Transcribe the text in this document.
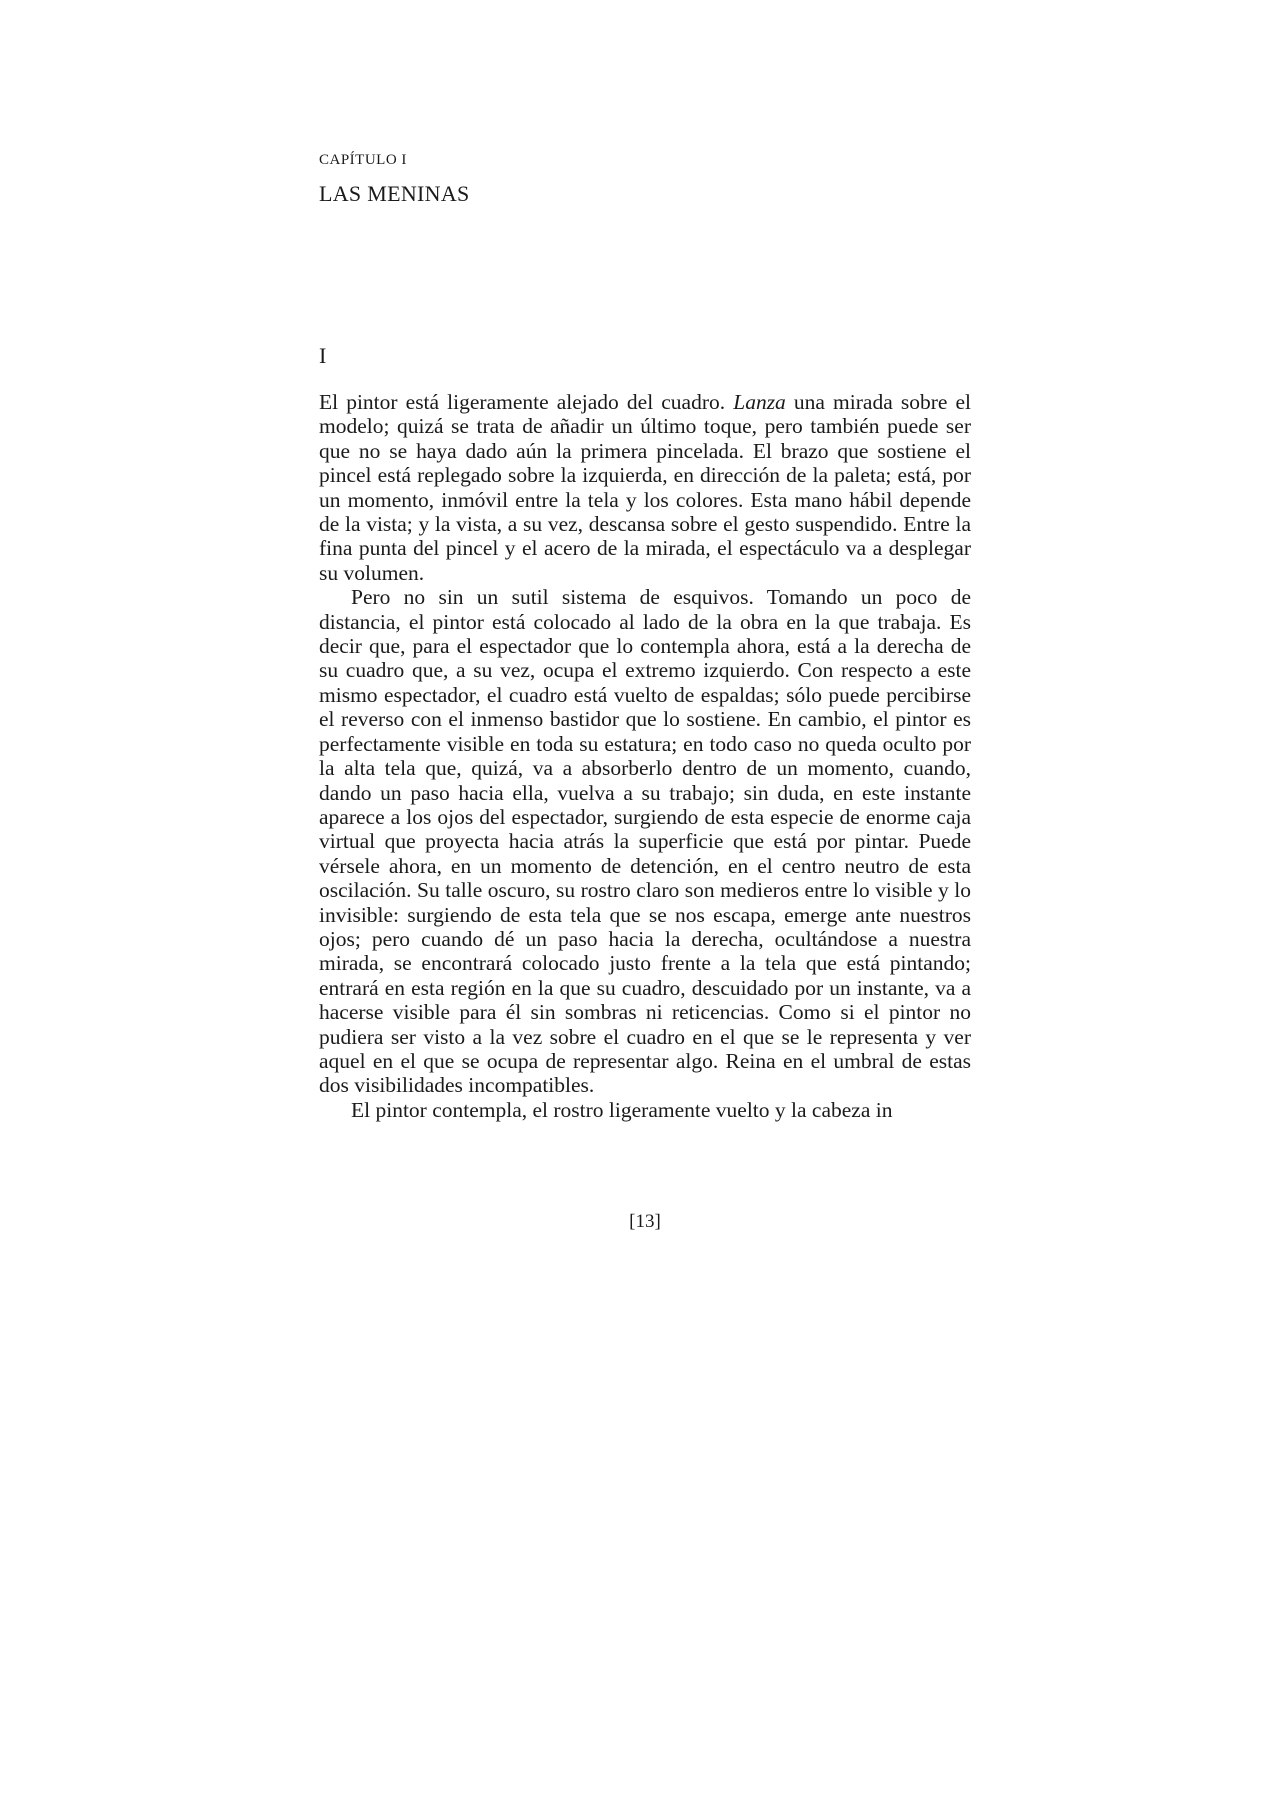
CAPÍTULO I

LAS MENINAS

I

El pintor está ligeramente alejado del cuadro. Lanza una mirada sobre el modelo; quizá se trata de añadir un último toque, pero también puede ser que no se haya dado aún la primera pincelada. El brazo que sostiene el pincel está replegado sobre la izquierda, en dirección de la paleta; está, por un momento, inmóvil entre la tela y los colores. Esta mano hábil depende de la vista; y la vista, a su vez, descansa sobre el gesto suspendido. Entre la fina punta del pincel y el acero de la mirada, el espectáculo va a desplegar su volumen.

Pero no sin un sutil sistema de esquivos. Tomando un poco de distancia, el pintor está colocado al lado de la obra en la que trabaja. Es decir que, para el espectador que lo contempla ahora, está a la derecha de su cuadro que, a su vez, ocupa el extremo izquierdo. Con respecto a este mismo espectador, el cuadro está vuelto de espaldas; sólo puede percibirse el reverso con el inmenso bastidor que lo sostiene. En cambio, el pintor es perfectamente visible en toda su estatura; en todo caso no queda oculto por la alta tela que, quizá, va a absorberlo dentro de un momento, cuando, dando un paso hacia ella, vuelva a su trabajo; sin duda, en este instante aparece a los ojos del espectador, surgiendo de esta especie de enorme caja virtual que proyecta hacia atrás la superficie que está por pintar. Puede vérsele ahora, en un momento de detención, en el centro neutro de esta oscilación. Su talle oscuro, su rostro claro son medieros entre lo visible y lo invisible: surgiendo de esta tela que se nos escapa, emerge ante nuestros ojos; pero cuando dé un paso hacia la derecha, ocultándose a nuestra mirada, se encontrará colocado justo frente a la tela que está pintando; entrará en esta región en la que su cuadro, descuidado por un instante, va a hacerse visible para él sin sombras ni reticencias. Como si el pintor no pudiera ser visto a la vez sobre el cuadro en el que se le representa y ver aquel en el que se ocupa de representar algo. Reina en el umbral de estas dos visibilidades incompatibles.

El pintor contempla, el rostro ligeramente vuelto y la cabeza in

[13]
